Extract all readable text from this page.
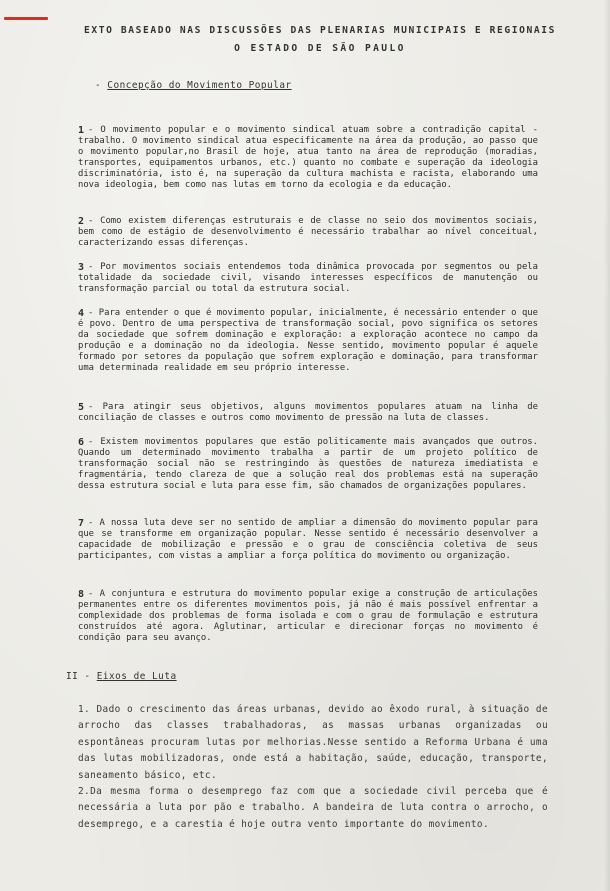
EXTO BASEADO NAS DISCUSSÕES DAS PLENARIAS MUNICIPAIS E REGIONAIS
O ESTADO DE SÃO PAULO
- Concepção do Movimento Popular
1 - O movimento popular e o movimento sindical atuam sobre a contradição capital - trabalho. O movimento sindical atua especificamente na área da produção, ao passo que o movimento popular,no Brasil de hoje, atua tanto na área de reprodução (moradias, transportes, equipamentos urbanos, etc.) quanto no combate e superação da ideologia discriminatória, isto é, na superação da cultura machista e racista, elaborando uma nova ideologia, bem como nas lutas em torno da ecologia e da educação.
2 - Como existem diferenças estruturais e de classe no seio dos movimentos sociais, bem como de estágio de desenvolvimento é necessário trabalhar ao nível conceitual, caracterizando essas diferenças.
3 - Por movimentos sociais entendemos toda dinâmica provocada por segmentos ou pela totalidade da sociedade civil, visando interesses específicos de manutenção ou transformação parcial ou total da estrutura social.
4 - Para entender o que é movimento popular, inicialmente, é necessário entender o que é povo. Dentro de uma perspectiva de transformação social, povo significa os setores da sociedade que sofrem dominação e exploração: a exploração acontece no campo da produção e a dominação no da ideologia. Nesse sentido, movimento popular é aquele formado por setores da população que sofrem exploração e dominação, para transformar uma determinada realidade em seu próprio interesse.
5 - Para atingir seus objetivos, alguns movimentos populares atuam na linha de conciliação de classes e outros como movimento de pressão na luta de classes.
6 - Existem movimentos populares que estão politicamente mais avançados que outros. Quando um determinado movimento trabalha a partir de um projeto político de transformação social não se restringindo às questões de natureza imediatista e fragmentária, tendo clareza de que a solução real dos problemas está na superação dessa estrutura social e luta para esse fim, são chamados de organizações populares.
7 - A nossa luta deve ser no sentido de ampliar a dimensão do movimento popular para que se transforme em organização popular. Nesse sentido é necessário desenvolver a capacidade de mobilização e pressão e o grau de consciência coletiva de seus participantes, com vistas a ampliar a força política do movimento ou organização.
8 - A conjuntura e estrutura do movimento popular exige a construção de articulações permanentes entre os diferentes movimentos pois, já não é mais possível enfrentar a complexidade dos problemas de forma isolada e com o grau de formulação e estrutura construídos até agora. Aglutinar, articular e direcionar forças no movimento é condição para seu avanço.
II - Eixos de Luta

1. Dado o crescimento das áreas urbanas, devido ao êxodo rural, à situação de arrocho das classes trabalhadoras, as massas urbanas organizadas ou espontâneas procuram lutas por melhorias.Nesse sentido a Reforma Urbana é uma das lutas mobilizadoras, onde está a habitação, saúde, educação, transporte, saneamento básico, etc.

2.Da mesma forma o desemprego faz com que a sociedade civil perceba que é necessária a luta por pão e trabalho. A bandeira de luta contra o arrocho, o desemprego, e a carestia é hoje outra vento importante do movimento.
